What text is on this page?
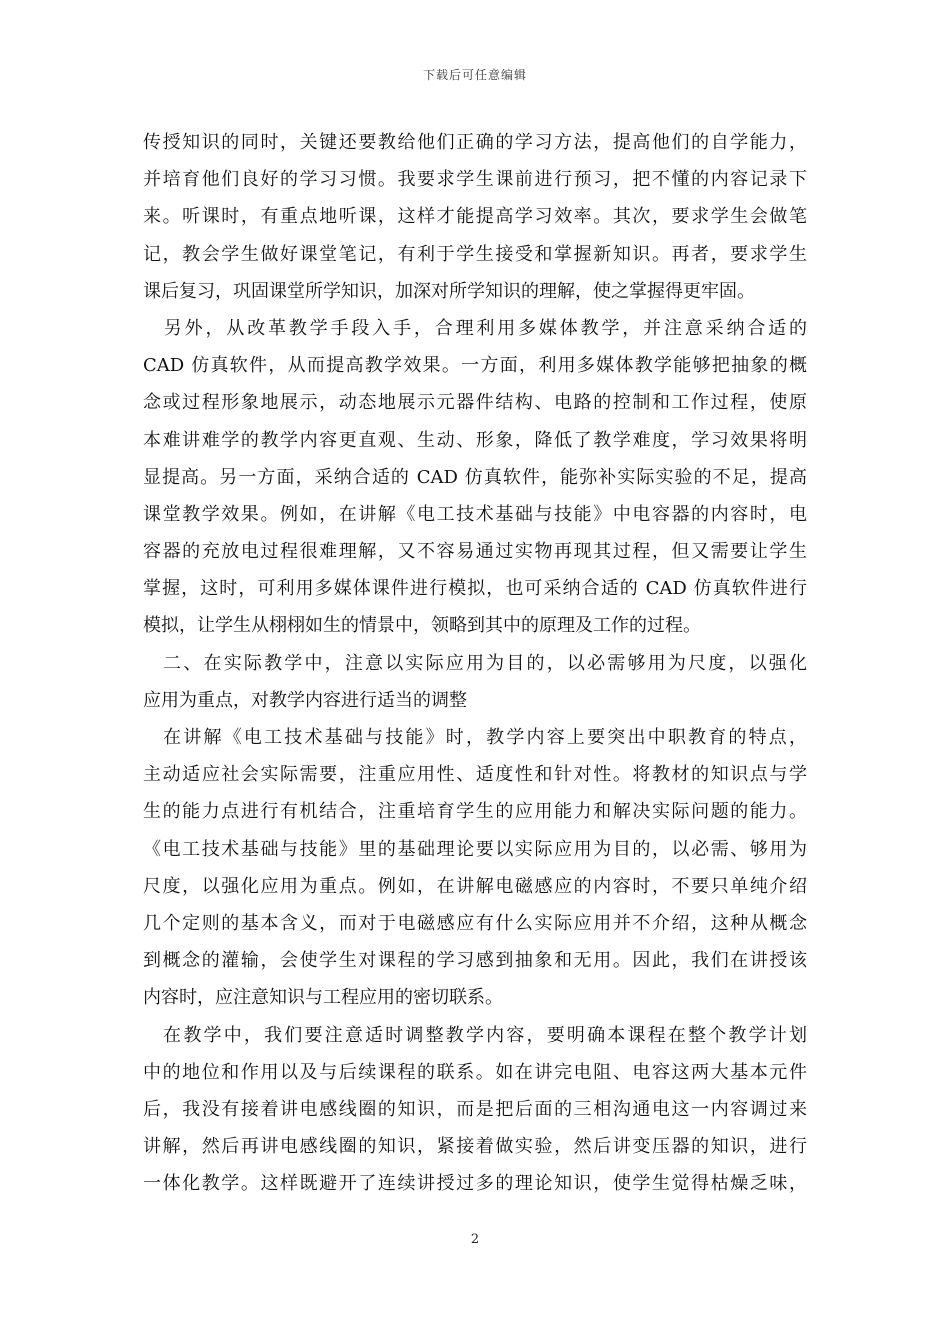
下载后可任意编辑
传授知识的同时，关键还要教给他们正确的学习方法，提高他们的自学能力，
并培育他们良好的学习习惯。我要求学生课前进行预习，把不懂的内容记录下
来。听课时，有重点地听课，这样才能提高学习效率。其次，要求学生会做笔
记，教会学生做好课堂笔记，有利于学生接受和掌握新知识。再者，要求学生
课后复习，巩固课堂所学知识，加深对所学知识的理解，使之掌握得更牢固。
　另外，从改革教学手段入手，合理利用多媒体教学，并注意采纳合适的
CAD 仿真软件，从而提高教学效果。一方面，利用多媒体教学能够把抽象的概
念或过程形象地展示，动态地展示元器件结构、电路的控制和工作过程，使原
本难讲难学的教学内容更直观、生动、形象，降低了教学难度，学习效果将明
显提高。另一方面，采纳合适的 CAD 仿真软件，能弥补实际实验的不足，提高
课堂教学效果。例如，在讲解《电工技术基础与技能》中电容器的内容时，电
容器的充放电过程很难理解，又不容易通过实物再现其过程，但又需要让学生
掌握，这时，可利用多媒体课件进行模拟，也可采纳合适的 CAD 仿真软件进行
模拟，让学生从栩栩如生的情景中，领略到其中的原理及工作的过程。
　二、在实际教学中，注意以实际应用为目的，以必需够用为尺度，以强化
应用为重点，对教学内容进行适当的调整
　在讲解《电工技术基础与技能》时，教学内容上要突出中职教育的特点，
主动适应社会实际需要，注重应用性、适度性和针对性。将教材的知识点与学
生的能力点进行有机结合，注重培育学生的应用能力和解决实际问题的能力。
《电工技术基础与技能》里的基础理论要以实际应用为目的，以必需、够用为
尺度，以强化应用为重点。例如，在讲解电磁感应的内容时，不要只单纯介绍
几个定则的基本含义，而对于电磁感应有什么实际应用并不介绍，这种从概念
到概念的灌输，会使学生对课程的学习感到抽象和无用。因此，我们在讲授该
内容时，应注意知识与工程应用的密切联系。
　在教学中，我们要注意适时调整教学内容，要明确本课程在整个教学计划
中的地位和作用以及与后续课程的联系。如在讲完电阻、电容这两大基本元件
后，我没有接着讲电感线圈的知识，而是把后面的三相沟通电这一内容调过来
讲解，然后再讲电感线圈的知识，紧接着做实验，然后讲变压器的知识，进行
一体化教学。这样既避开了连续讲授过多的理论知识，使学生觉得枯燥乏味，
2
